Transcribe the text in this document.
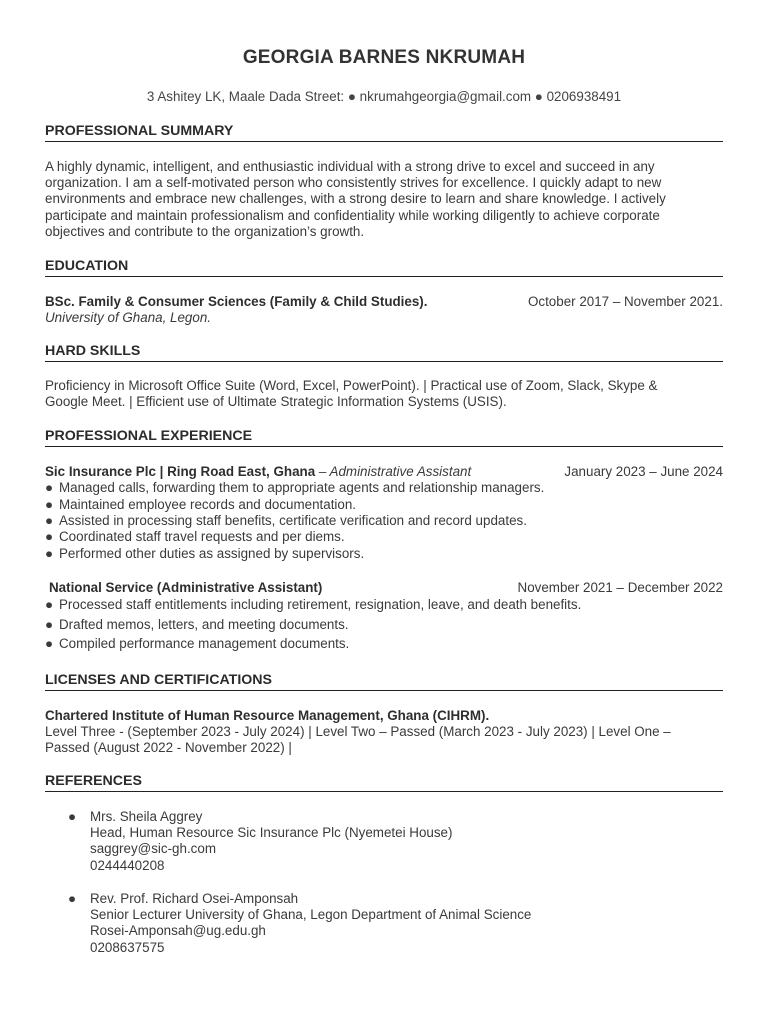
GEORGIA BARNES NKRUMAH
3 Ashitey LK, Maale Dada Street: ● nkrumahgeorgia@gmail.com ● 0206938491
PROFESSIONAL SUMMARY
A highly dynamic, intelligent, and enthusiastic individual with a strong drive to excel and succeed in any
organization. I am a self-motivated person who consistently strives for excellence. I quickly adapt to new
environments and embrace new challenges, with a strong desire to learn and share knowledge. I actively
participate and maintain professionalism and confidentiality while working diligently to achieve corporate
objectives and contribute to the organization’s growth.
EDUCATION
BSc. Family & Consumer Sciences (Family & Child Studies).	October 2017 – November 2021.
University of Ghana, Legon.
HARD SKILLS
Proficiency in Microsoft Office Suite (Word, Excel, PowerPoint). | Practical use of Zoom, Slack, Skype &
Google Meet. | Efficient use of Ultimate Strategic Information Systems (USIS).
PROFESSIONAL EXPERIENCE
Sic Insurance Plc | Ring Road East, Ghana – Administrative Assistant	January 2023 – June 2024
● Managed calls, forwarding them to appropriate agents and relationship managers.
● Maintained employee records and documentation.
● Assisted in processing staff benefits, certificate verification and record updates.
● Coordinated staff travel requests and per diems.
● Performed other duties as assigned by supervisors.
National Service (Administrative Assistant)	November 2021 – December 2022
● Processed staff entitlements including retirement, resignation, leave, and death benefits.
● Drafted memos, letters, and meeting documents.
● Compiled performance management documents.
LICENSES AND CERTIFICATIONS
Chartered Institute of Human Resource Management, Ghana (CIHRM).
Level Three - (September 2023 - July 2024) | Level Two – Passed (March 2023 - July 2023) | Level One –
Passed (August 2022 - November 2022) |
REFERENCES
● Mrs. Sheila Aggrey
Head, Human Resource Sic Insurance Plc (Nyemetei House)
saggrey@sic-gh.com
0244440208
● Rev. Prof. Richard Osei-Amponsah
Senior Lecturer University of Ghana, Legon Department of Animal Science
Rosei-Amponsah@ug.edu.gh
0208637575
